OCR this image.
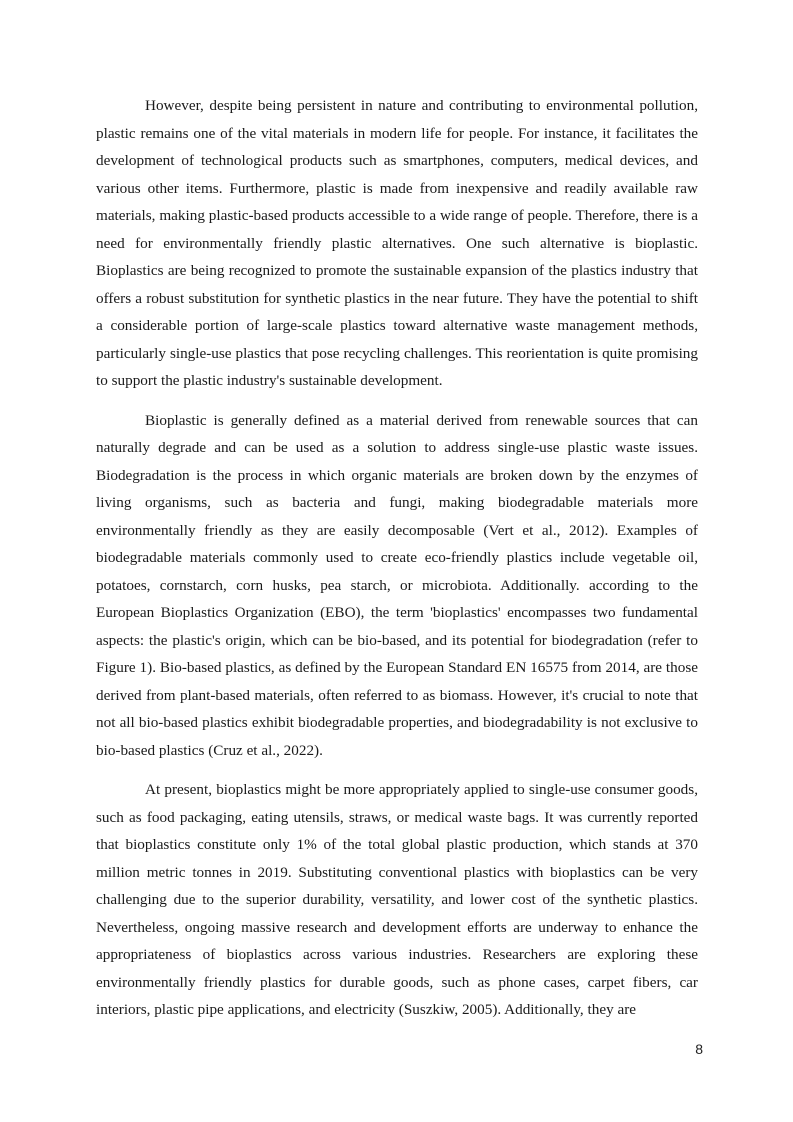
However, despite being persistent in nature and contributing to environmental pollution, plastic remains one of the vital materials in modern life for people. For instance, it facilitates the development of technological products such as smartphones, computers, medical devices, and various other items. Furthermore, plastic is made from inexpensive and readily available raw materials, making plastic-based products accessible to a wide range of people. Therefore, there is a need for environmentally friendly plastic alternatives. One such alternative is bioplastic. Bioplastics are being recognized to promote the sustainable expansion of the plastics industry that offers a robust substitution for synthetic plastics in the near future. They have the potential to shift a considerable portion of large-scale plastics toward alternative waste management methods, particularly single-use plastics that pose recycling challenges. This reorientation is quite promising to support the plastic industry's sustainable development.

Bioplastic is generally defined as a material derived from renewable sources that can naturally degrade and can be used as a solution to address single-use plastic waste issues. Biodegradation is the process in which organic materials are broken down by the enzymes of living organisms, such as bacteria and fungi, making biodegradable materials more environmentally friendly as they are easily decomposable (Vert et al., 2012). Examples of biodegradable materials commonly used to create eco-friendly plastics include vegetable oil, potatoes, cornstarch, corn husks, pea starch, or microbiota. Additionally. according to the European Bioplastics Organization (EBO), the term 'bioplastics' encompasses two fundamental aspects: the plastic's origin, which can be bio-based, and its potential for biodegradation (refer to Figure 1). Bio-based plastics, as defined by the European Standard EN 16575 from 2014, are those derived from plant-based materials, often referred to as biomass. However, it's crucial to note that not all bio-based plastics exhibit biodegradable properties, and biodegradability is not exclusive to bio-based plastics (Cruz et al., 2022).

At present, bioplastics might be more appropriately applied to single-use consumer goods, such as food packaging, eating utensils, straws, or medical waste bags. It was currently reported that bioplastics constitute only 1% of the total global plastic production, which stands at 370 million metric tonnes in 2019. Substituting conventional plastics with bioplastics can be very challenging due to the superior durability, versatility, and lower cost of the synthetic plastics. Nevertheless, ongoing massive research and development efforts are underway to enhance the appropriateness of bioplastics across various industries. Researchers are exploring these environmentally friendly plastics for durable goods, such as phone cases, carpet fibers, car interiors, plastic pipe applications, and electricity (Suszkiw, 2005). Additionally, they are

8
